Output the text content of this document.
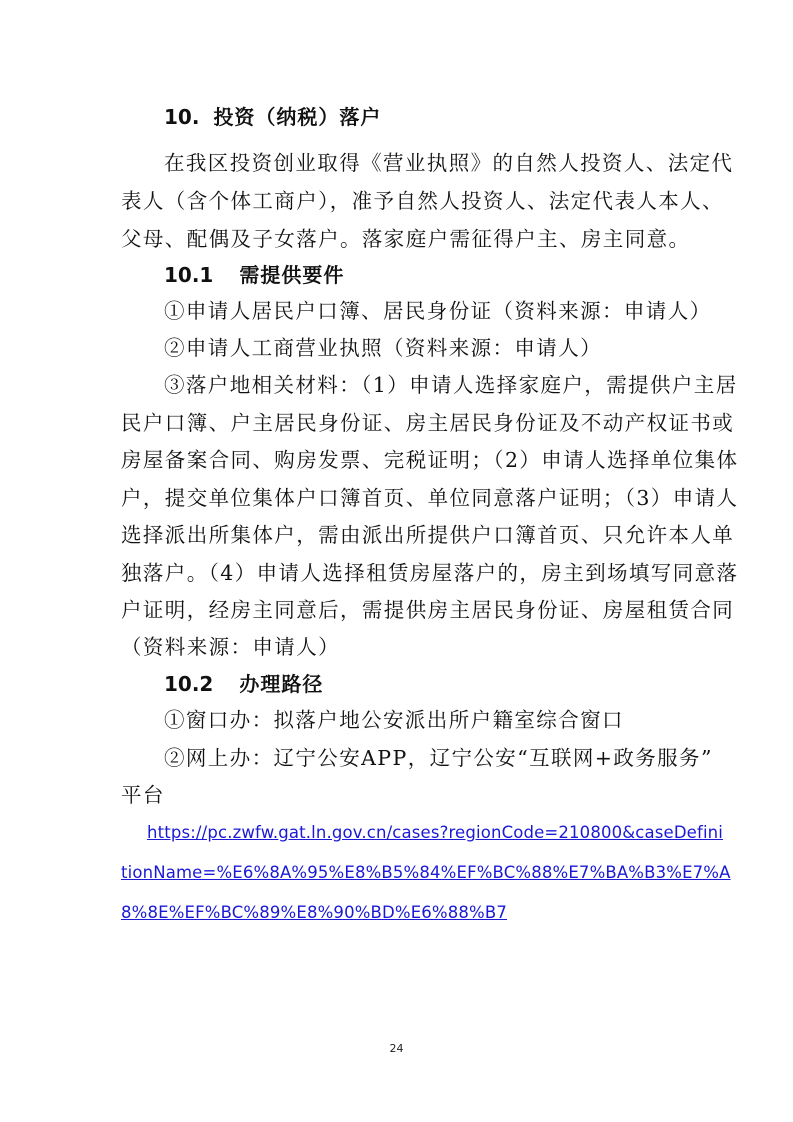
10. 投资（纳税）落户
在我区投资创业取得《营业执照》的自然人投资人、法定代
表人（含个体工商户），准予自然人投资人、法定代表人本人、
父母、配偶及子女落户。落家庭户需征得户主、房主同意。
10.1 需提供要件
①申请人居民户口簿、居民身份证（资料来源：申请人）
②申请人工商营业执照（资料来源：申请人）
③落户地相关材料：（1）申请人选择家庭户，需提供户主居
民户口簿、户主居民身份证、房主居民身份证及不动产权证书或
房屋备案合同、购房发票、完税证明；（2）申请人选择单位集体
户，提交单位集体户口簿首页、单位同意落户证明；（3）申请人
选择派出所集体户，需由派出所提供户口簿首页、只允许本人单
独落户。（4）申请人选择租赁房屋落户的，房主到场填写同意落
户证明，经房主同意后，需提供房主居民身份证、房屋租赁合同
（资料来源：申请人）
10.2 办理路径
①窗口办：拟落户地公安派出所户籍室综合窗口
②网上办：辽宁公安APP，辽宁公安“互联网+政务服务”
平台
https://pc.zwfw.gat.ln.gov.cn/cases?regionCode=210800&caseDefini
tionName=%E6%8A%95%E8%B5%84%EF%BC%88%E7%BA%B3%E7%A
8%8E%EF%BC%89%E8%90%BD%E6%88%B7
24
